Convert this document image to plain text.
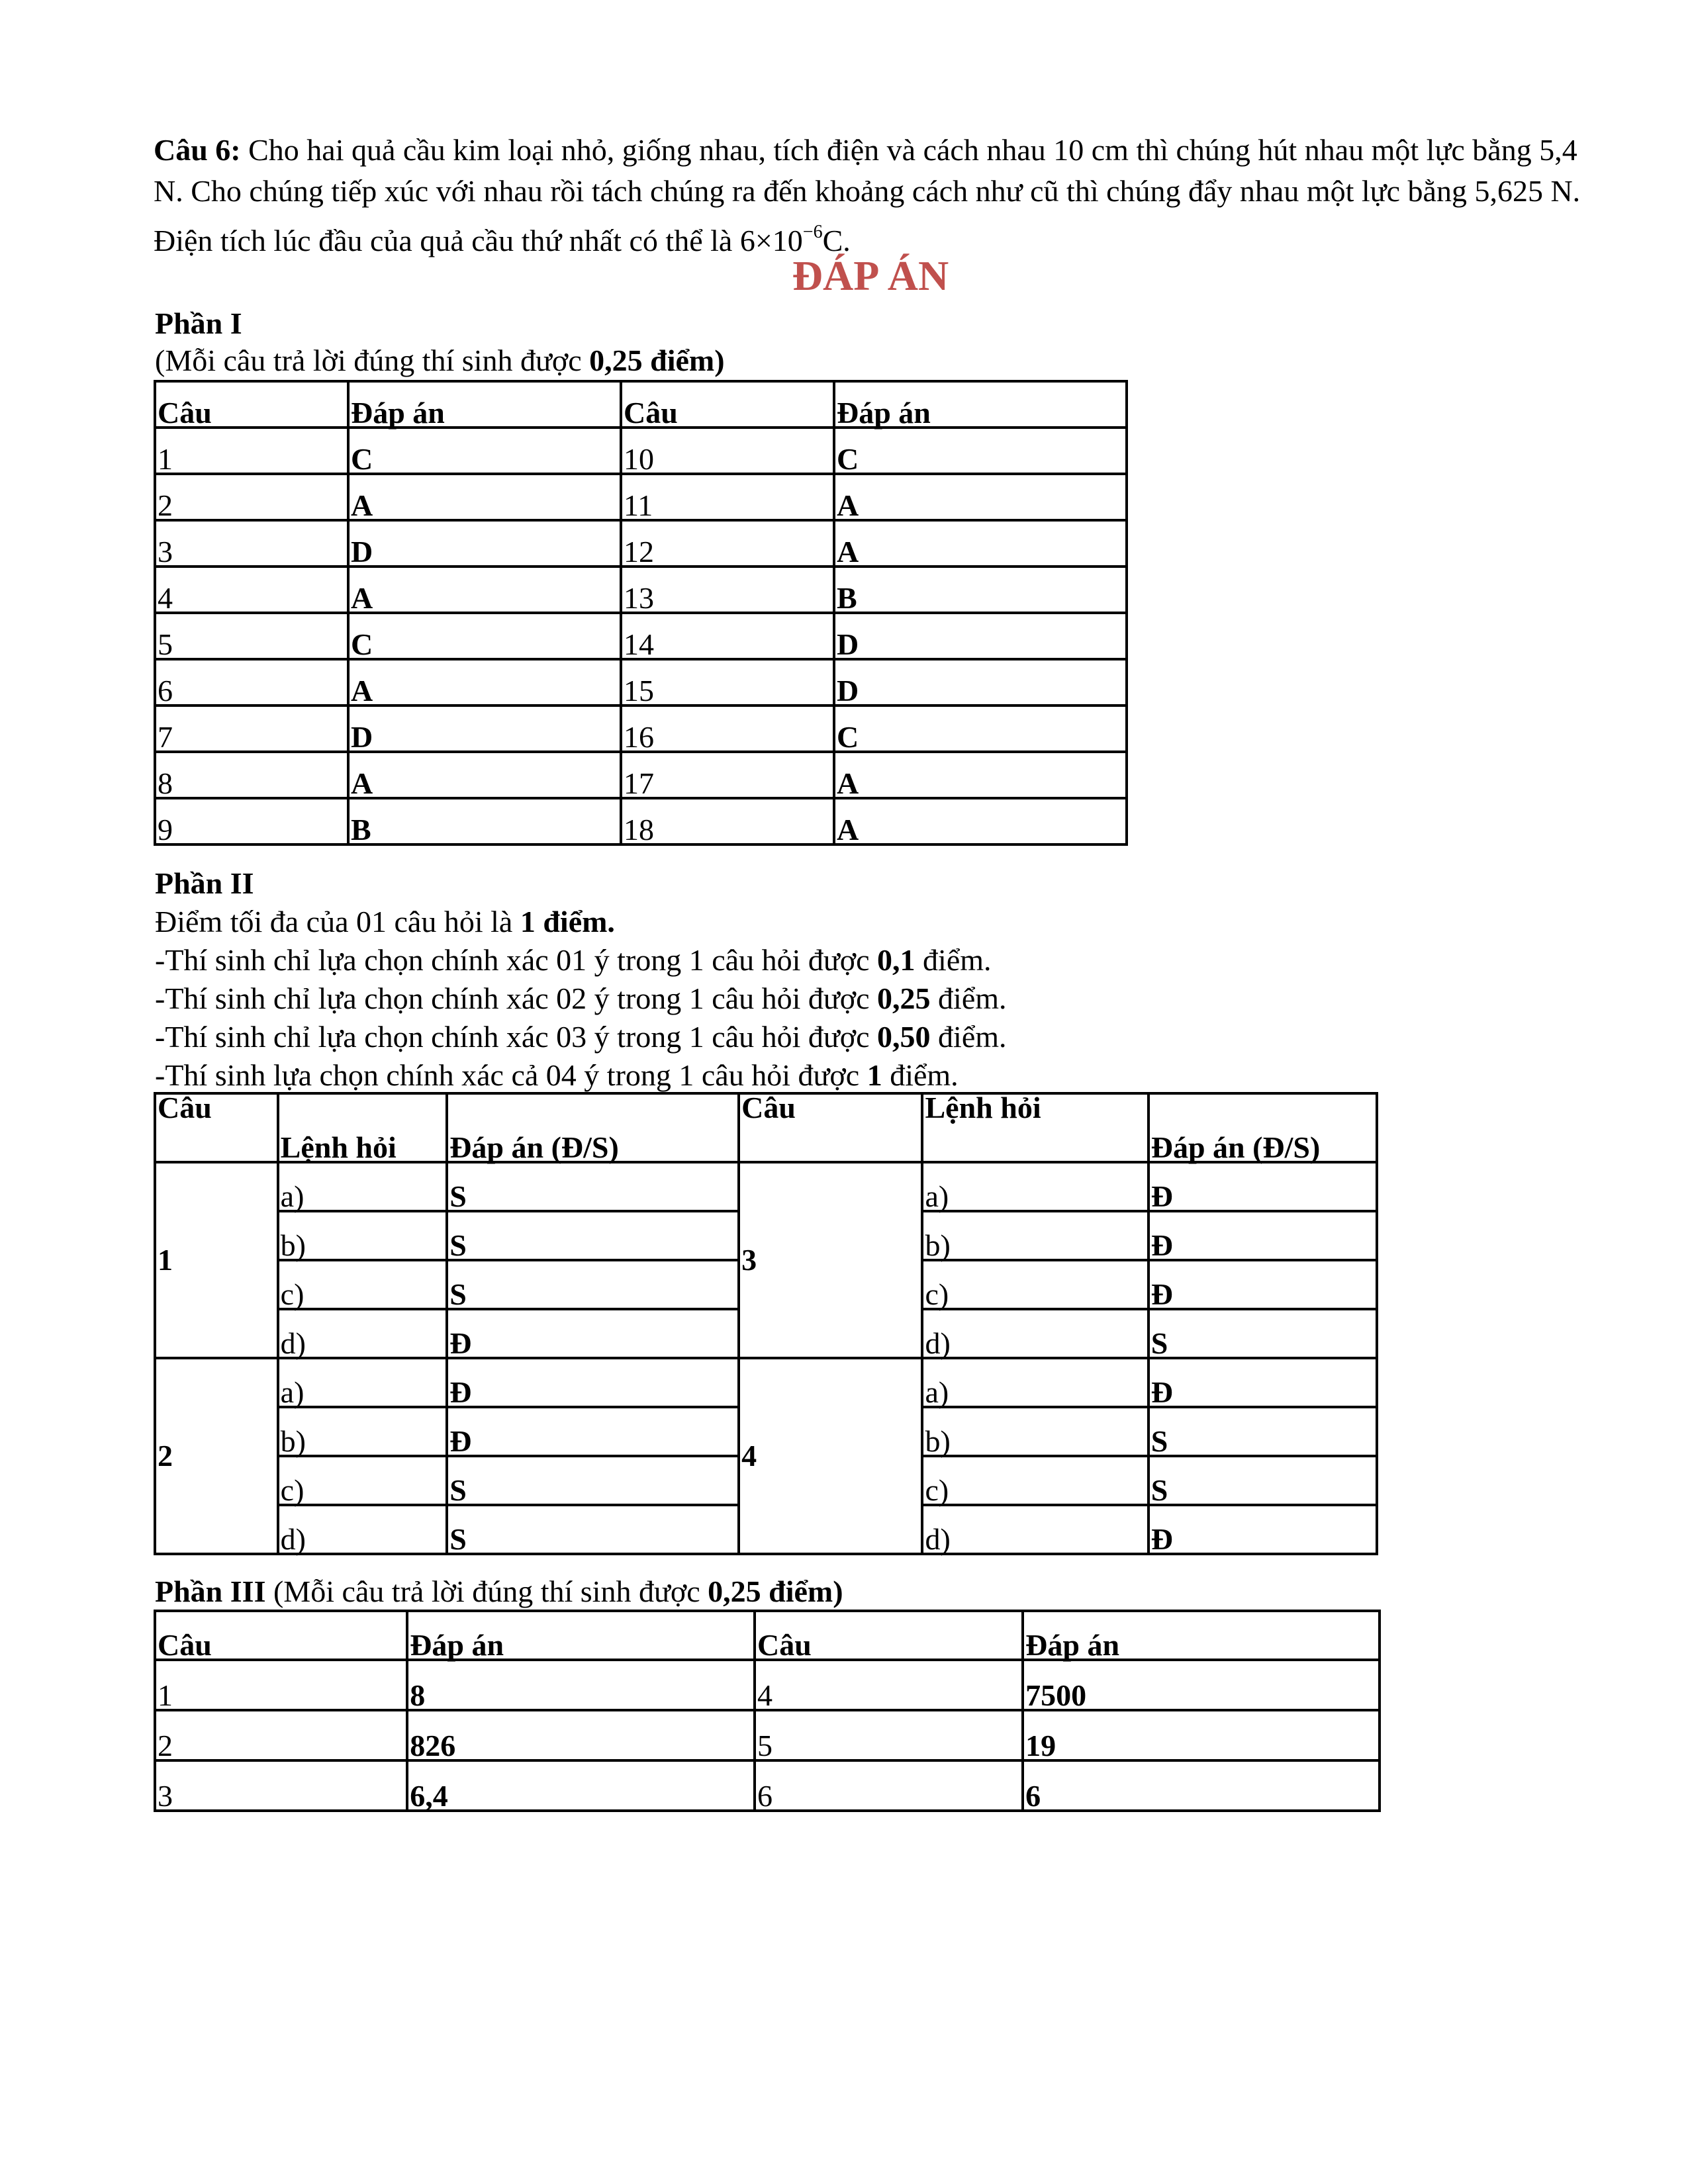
Câu 6: Cho hai quả cầu kim loại nhỏ, giống nhau, tích điện và cách nhau 10 cm thì chúng hút nhau một lực bằng 5,4 N. Cho chúng tiếp xúc với nhau rồi tách chúng ra đến khoảng cách như cũ thì chúng đẩy nhau một lực bằng 5,625 N. Điện tích lúc đầu của quả cầu thứ nhất có thể là $6\times 10^{-6}C$.
ĐÁP ÁN
Phần I
(Mỗi câu trả lời đúng thí sinh được 0,25 điểm)
Câu	Đáp án	Câu	Đáp án
1	C	10	C
2	A	11	A
3	D	12	A
4	A	13	B
5	C	14	D
6	A	15	D
7	D	16	C
8	A	17	A
9	B	18	A
Phần II
Điểm tối đa của 01 câu hỏi là 1 điểm.
-Thí sinh chỉ lựa chọn chính xác 01 ý trong 1 câu hỏi được 0,1 điểm.
-Thí sinh chỉ lựa chọn chính xác 02 ý trong 1 câu hỏi được 0,25 điểm.
-Thí sinh chỉ lựa chọn chính xác 03 ý trong 1 câu hỏi được 0,50 điểm.
-Thí sinh lựa chọn chính xác cả 04 ý trong 1 câu hỏi được 1 điểm.
Câu	Lệnh hỏi	Đáp án (Đ/S)	Câu	Lệnh hỏi	Đáp án (Đ/S)
1	a)	S	3	a)	Đ
	b)	S		b)	Đ
	c)	S		c)	Đ
	d)	Đ		d)	S
2	a)	Đ	4	a)	Đ
	b)	Đ		b)	S
	c)	S		c)	S
	d)	S		d)	Đ
Phần III (Mỗi câu trả lời đúng thí sinh được 0,25 điểm)
Câu	Đáp án	Câu	Đáp án
1	8	4	7500
2	826	5	19
3	6,4	6	6
